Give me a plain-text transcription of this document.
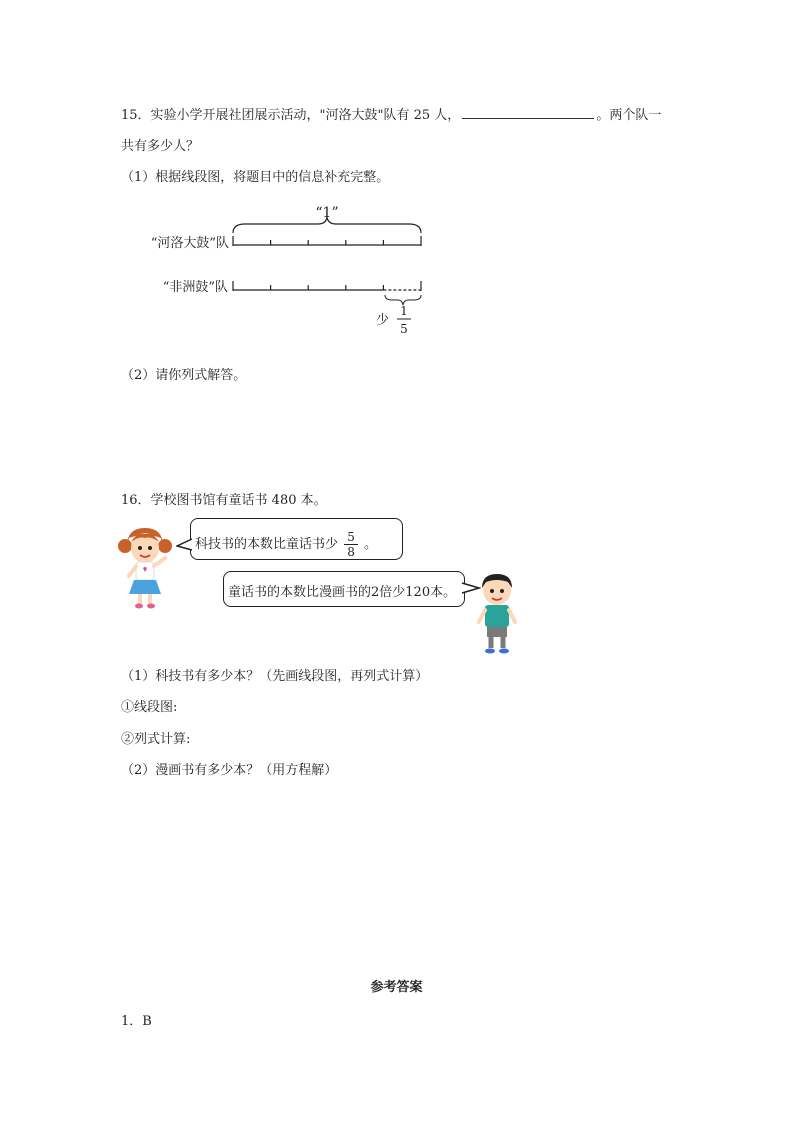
15．实验小学开展社团展示活动，"河洛大鼓"队有 25 人，	。两个队一
共有多少人？
（1）根据线段图，将题目中的信息补充完整。
“1”
“河洛大鼓”队
“非洲鼓”队
少
1
5
（2）请你列式解答。
16．学校图书馆有童话书 480 本。
科技书的本数比童话书少 $\frac{5}{8}$ 。
童话书的本数比漫画书的2倍少120本。
（1）科技书有多少本？（先画线段图，再列式计算）
①线段图:
②列式计算:
（2）漫画书有多少本？（用方程解）
参考答案
1．B
